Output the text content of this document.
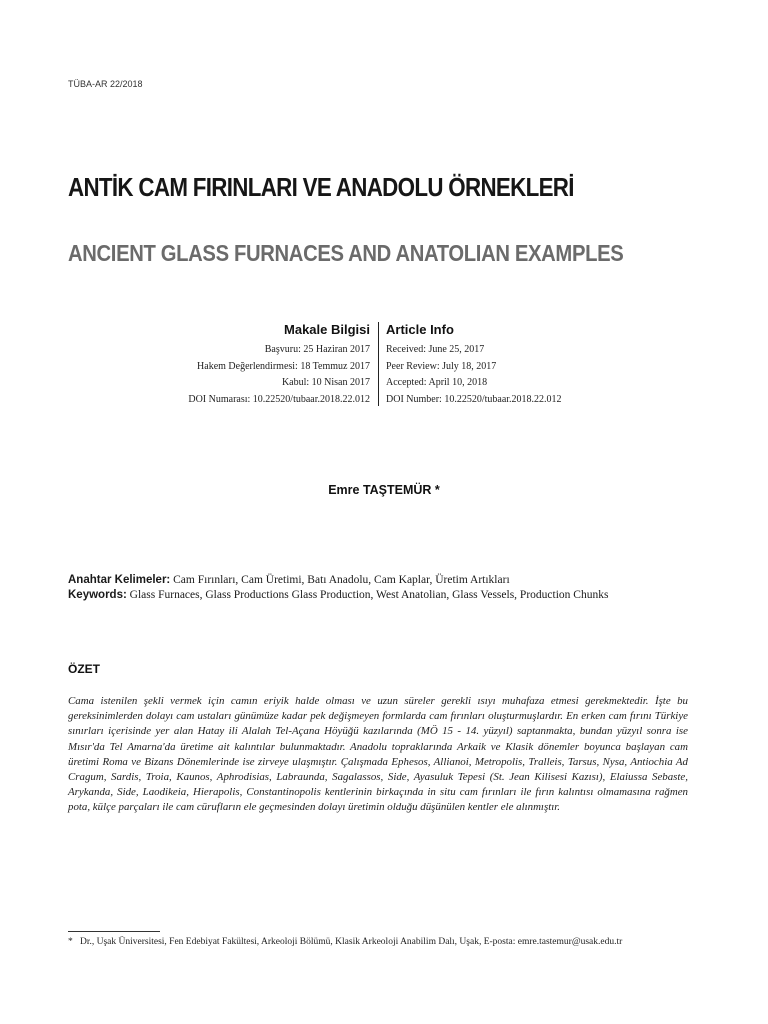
TÜBA-AR 22/2018
ANTİK CAM FIRINLARI VE ANADOLU ÖRNEKLERİ
ANCIENT GLASS FURNACES AND ANATOLIAN EXAMPLES
Makale Bilgisi
Başvuru: 25 Haziran 2017
Hakem Değerlendirmesi: 18 Temmuz 2017
Kabul: 10 Nisan 2017
DOI Numarası: 10.22520/tubaar.2018.22.012
Article Info
Received: June 25, 2017
Peer Review: July 18, 2017
Accepted: April 10, 2018
DOI Number: 10.22520/tubaar.2018.22.012
Emre TAŞTEMÜR *
Anahtar Kelimeler: Cam Fırınları, Cam Üretimi, Batı Anadolu, Cam Kaplar, Üretim Artıkları
Keywords: Glass Furnaces, Glass Productions Glass Production, West Anatolian, Glass Vessels, Production Chunks
ÖZET
Cama istenilen şekli vermek için camın eriyik halde olması ve uzun süreler gerekli ısıyı muhafaza etmesi gerekmektedir. İşte bu gereksinimlerden dolayı cam ustaları günümüze kadar pek değişmeyen formlarda cam fırınları oluşturmuşlardır. En erken cam fırını Türkiye sınırları içerisinde yer alan Hatay ili Alalah Tel-Açana Höyüğü kazılarında (MÖ 15 - 14. yüzyıl) saptanmakta, bundan yüzyıl sonra ise Mısır'da Tel Amarna'da üretime ait kalıntılar bulunmaktadır. Anadolu topraklarında Arkaik ve Klasik dönemler boyunca başlayan cam üretimi Roma ve Bizans Dönemlerinde ise zirveye ulaşmıştır. Çalışmada Ephesos, Allianoi, Metropolis, Tralleis, Tarsus, Nysa, Antiochia Ad Cragum, Sardis, Troia, Kaunos, Aphrodisias, Labraunda, Sagalassos, Side, Ayasuluk Tepesi (St. Jean Kilisesi Kazısı), Elaiussa Sebaste, Arykanda, Side, Laodikeia, Hierapolis, Constantinopolis kentlerinin birkaçında in situ cam fırınları ile fırın kalıntısı olmamasına rağmen pota, külçe parçaları ile cam cürufların ele geçmesinden dolayı üretimin olduğu düşünülen kentler ele alınmıştır.
* Dr., Uşak Üniversitesi, Fen Edebiyat Fakültesi, Arkeoloji Bölümü, Klasik Arkeoloji Anabilim Dalı, Uşak, E-posta: emre.tastemur@usak.edu.tr
